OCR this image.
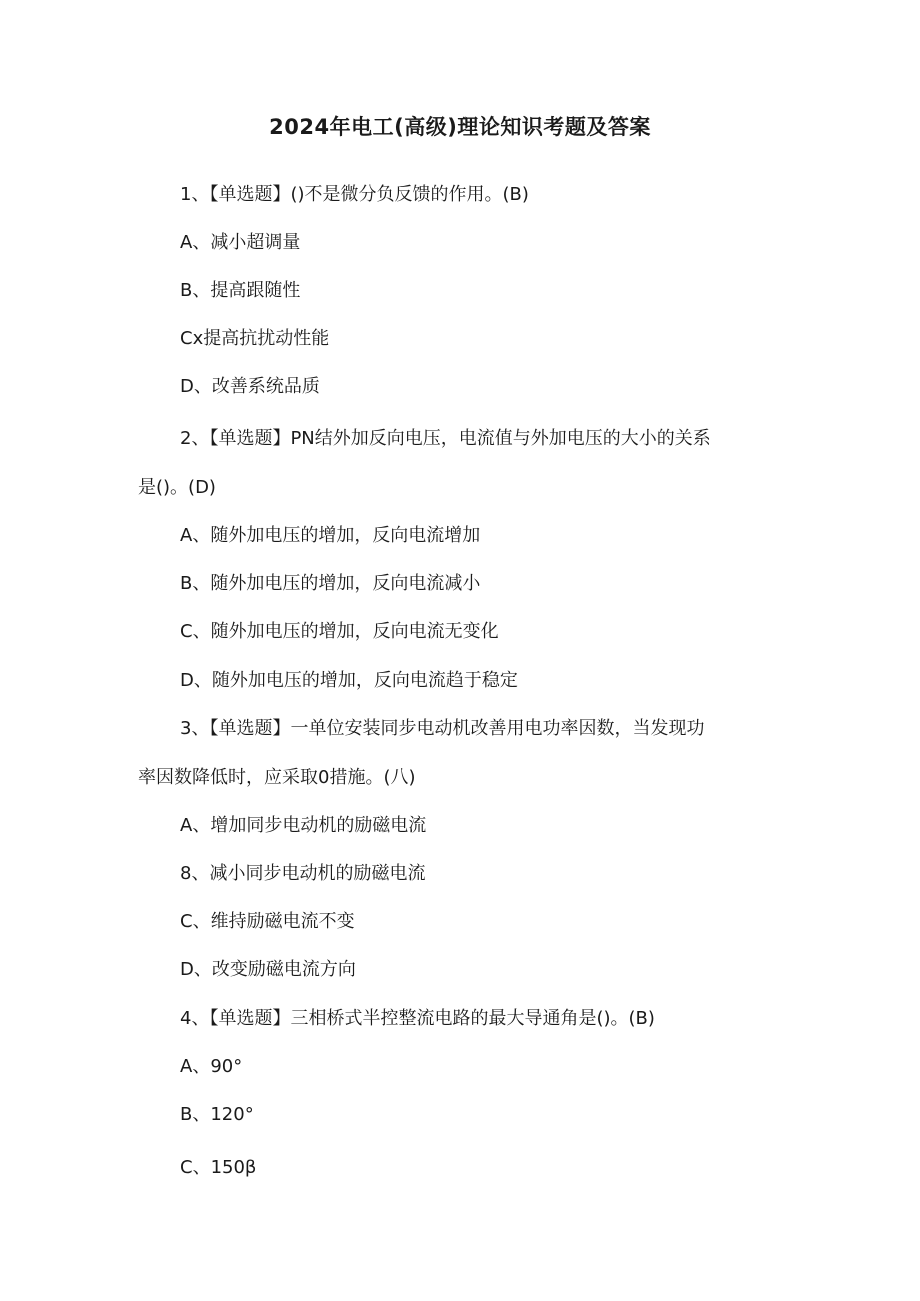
2024年电工(高级)理论知识考题及答案
1、【单选题】()不是微分负反馈的作用。(B)
A、减小超调量
B、提高跟随性
Cx提高抗扰动性能
D、改善系统品质
2、【单选题】PN结外加反向电压，电流值与外加电压的大小的关系
是()。(D)
A、随外加电压的增加，反向电流增加
B、随外加电压的增加，反向电流减小
C、随外加电压的增加，反向电流无变化
D、随外加电压的增加，反向电流趋于稳定
3、【单选题】一单位安装同步电动机改善用电功率因数，当发现功
率因数降低时，应采取0措施。(八)
A、增加同步电动机的励磁电流
8、减小同步电动机的励磁电流
C、维持励磁电流不变
D、改变励磁电流方向
4、【单选题】三相桥式半控整流电路的最大导通角是()。(B)
A、90°
B、120°
C、150β
